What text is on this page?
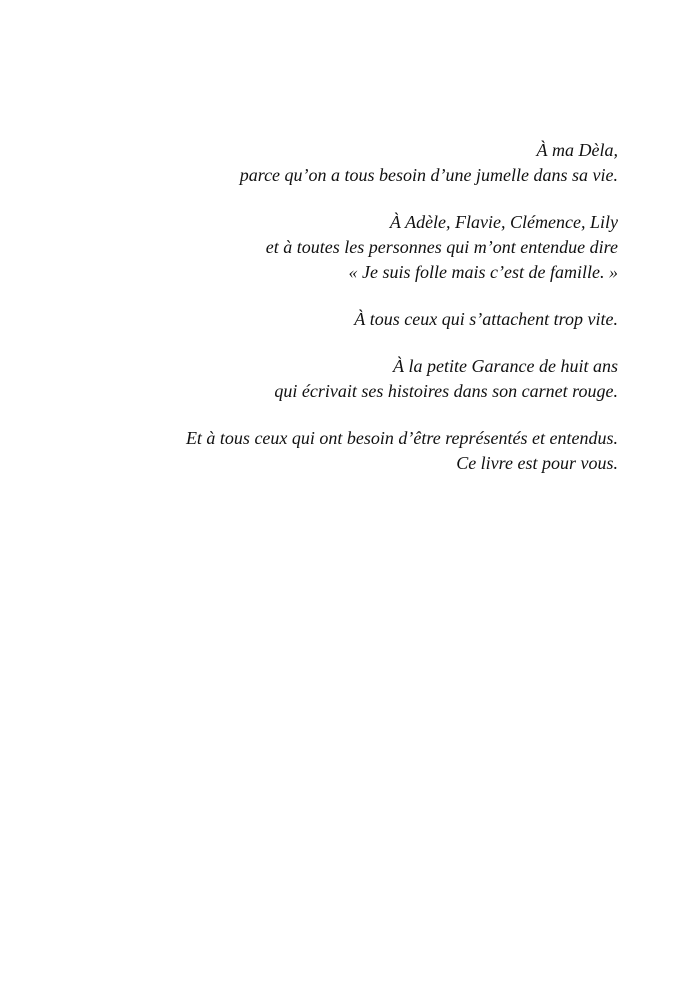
À ma Dèla,
parce qu’on a tous besoin d’une jumelle dans sa vie.
À Adèle, Flavie, Clémence, Lily
et à toutes les personnes qui m’ont entendue dire
« Je suis folle mais c’est de famille. »
À tous ceux qui s’attachent trop vite.
À la petite Garance de huit ans
qui écrivait ses histoires dans son carnet rouge.
Et à tous ceux qui ont besoin d’être représentés et entendus.
Ce livre est pour vous.
